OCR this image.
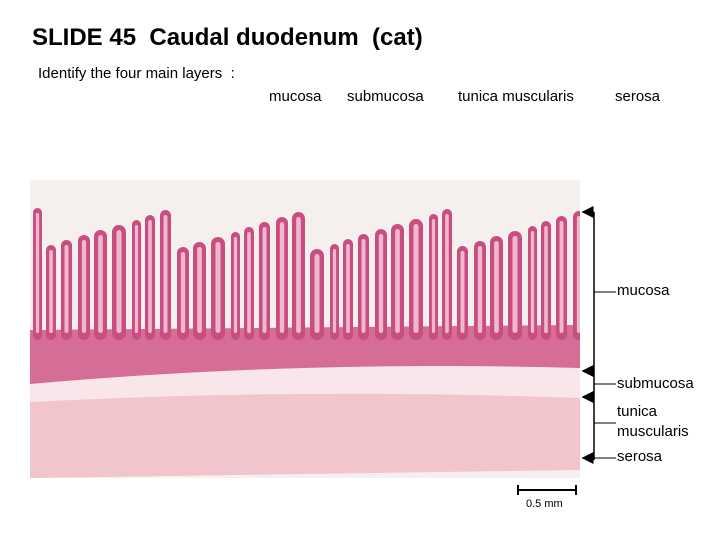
SLIDE 45  Caudal duodenum  (cat)
Identify the four main layers  :
mucosa submucosa tunica muscularis	serosa
mucosa
submucosa
tunica
muscularis
serosa
0.5 mm
